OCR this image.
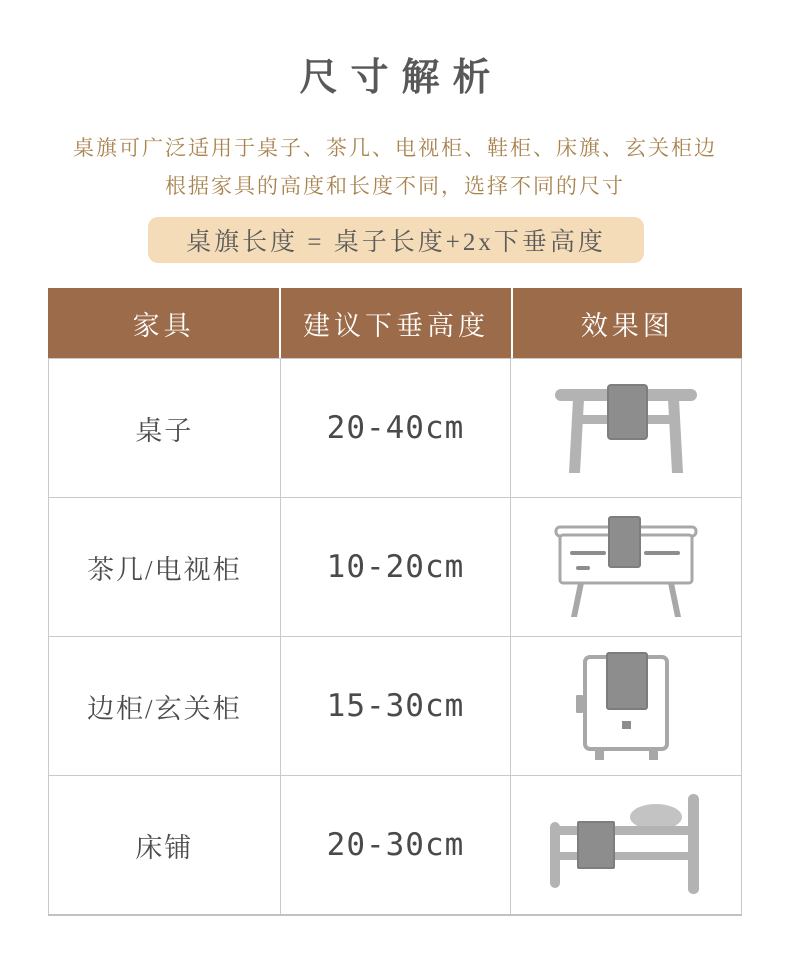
尺寸解析
桌旗可广泛适用于桌子、茶几、电视柜、鞋柜、床旗、玄关柜边
根据家具的高度和长度不同，选择不同的尺寸
桌旗长度 = 桌子长度+2x下垂高度
家具	建议下垂高度	效果图
桌子	20-40cm
茶几/电视柜	10-20cm
边柜/玄关柜	15-30cm
床铺	20-30cm
